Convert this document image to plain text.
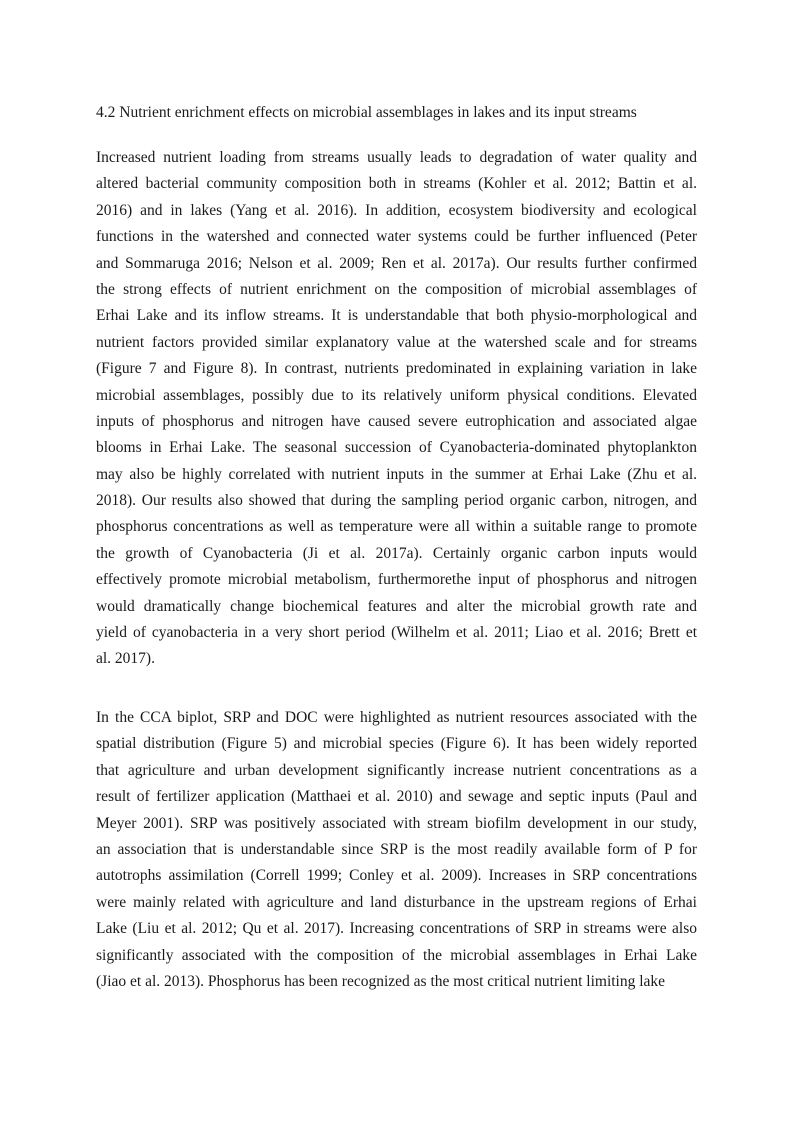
4.2 Nutrient enrichment effects on microbial assemblages in lakes and its input streams
Increased nutrient loading from streams usually leads to degradation of water quality and
altered bacterial community composition both in streams (Kohler et al. 2012; Battin et al.
2016) and in lakes (Yang et al. 2016). In addition, ecosystem biodiversity and ecological
functions in the watershed and connected water systems could be further influenced (Peter
and Sommaruga 2016; Nelson et al. 2009; Ren et al. 2017a). Our results further confirmed
the strong effects of nutrient enrichment on the composition of microbial assemblages of
Erhai Lake and its inflow streams. It is understandable that both physio-morphological and
nutrient factors provided similar explanatory value at the watershed scale and for streams
(Figure 7 and Figure 8). In contrast, nutrients predominated in explaining variation in lake
microbial assemblages, possibly due to its relatively uniform physical conditions. Elevated
inputs of phosphorus and nitrogen have caused severe eutrophication and associated algae
blooms in Erhai Lake. The seasonal succession of Cyanobacteria-dominated phytoplankton
may also be highly correlated with nutrient inputs in the summer at Erhai Lake (Zhu et al.
2018). Our results also showed that during the sampling period organic carbon, nitrogen, and
phosphorus concentrations as well as temperature were all within a suitable range to promote
the growth of Cyanobacteria (Ji et al. 2017a). Certainly organic carbon inputs would
effectively promote microbial metabolism, furthermorethe input of phosphorus and nitrogen
would dramatically change biochemical features and alter the microbial growth rate and
yield of cyanobacteria in a very short period (Wilhelm et al. 2011; Liao et al. 2016; Brett et
al. 2017).
In the CCA biplot, SRP and DOC were highlighted as nutrient resources associated with the
spatial distribution (Figure 5) and microbial species (Figure 6). It has been widely reported
that agriculture and urban development significantly increase nutrient concentrations as a
result of fertilizer application (Matthaei et al. 2010) and sewage and septic inputs (Paul and
Meyer 2001). SRP was positively associated with stream biofilm development in our study,
an association that is understandable since SRP is the most readily available form of P for
autotrophs assimilation (Correll 1999; Conley et al. 2009). Increases in SRP concentrations
were mainly related with agriculture and land disturbance in the upstream regions of Erhai
Lake (Liu et al. 2012; Qu et al. 2017). Increasing concentrations of SRP in streams were also
significantly associated with the composition of the microbial assemblages in Erhai Lake
(Jiao et al. 2013). Phosphorus has been recognized as the most critical nutrient limiting lake
